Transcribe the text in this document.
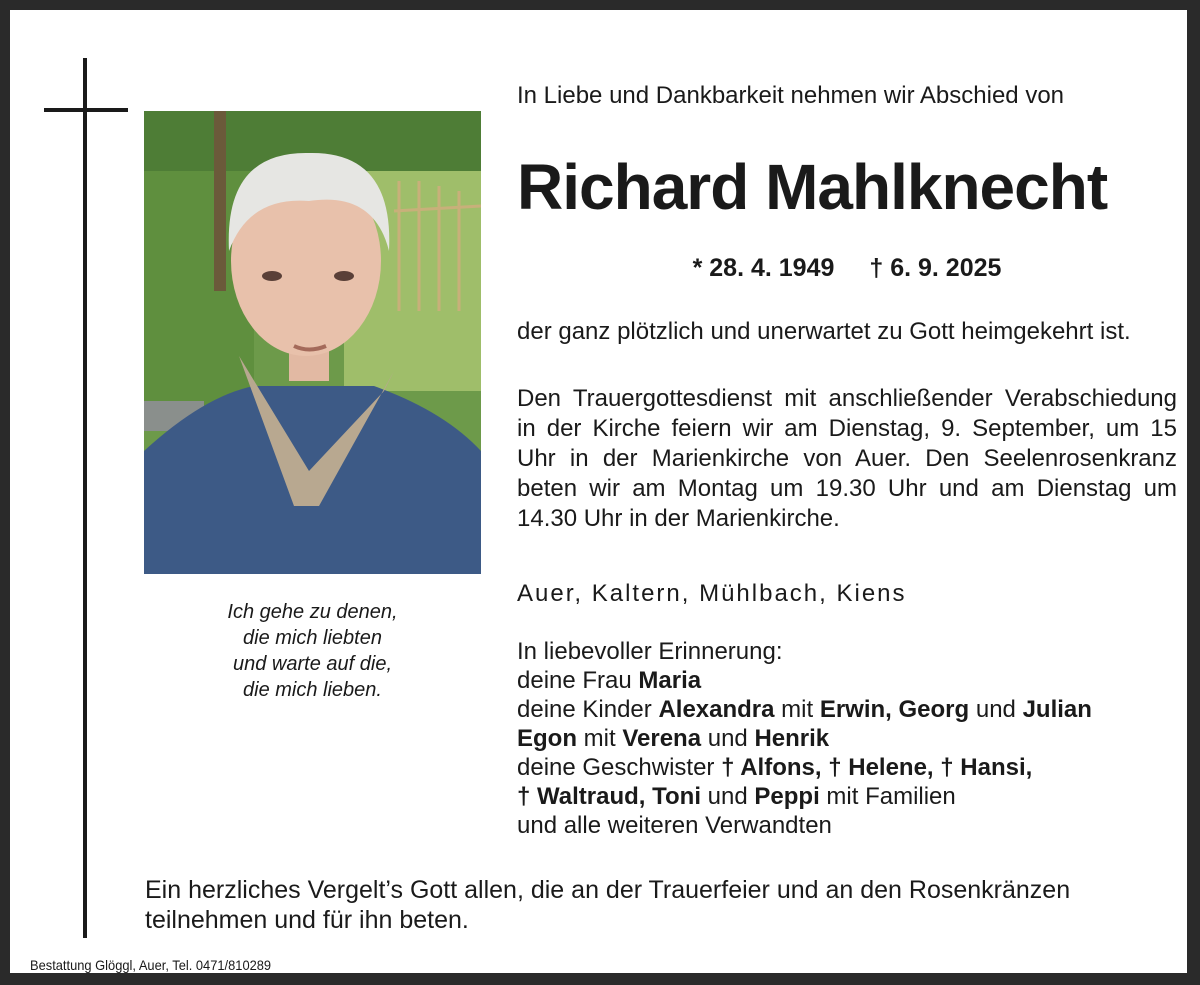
Ich gehe zu denen,
die mich liebten
und warte auf die,
die mich lieben.
In Liebe und Dankbarkeit nehmen wir Abschied von
Richard Mahlknecht
* 28. 4. 1949 † 6. 9. 2025
der ganz plötzlich und unerwartet zu Gott heimgekehrt ist.
Den Trauergottesdienst mit anschließender Verabschiedung in der Kirche feiern wir am Dienstag, 9. September, um 15 Uhr in der Marienkirche von Auer. Den Seelenrosenkranz beten wir am Montag um 19.30 Uhr und am Dienstag um 14.30 Uhr in der Marienkirche.
Auer, Kaltern, Mühlbach, Kiens
In liebevoller Erinnerung:
deine Frau Maria
deine Kinder Alexandra mit Erwin, Georg und Julian
Egon mit Verena und Henrik
deine Geschwister † Alfons, † Helene, † Hansi,
† Waltraud, Toni und Peppi mit Familien
und alle weiteren Verwandten
Ein herzliches Vergelt’s Gott allen, die an der Trauerfeier und an den Rosenkränzen
teilnehmen und für ihn beten.
Bestattung Glöggl, Auer, Tel. 0471/810289
